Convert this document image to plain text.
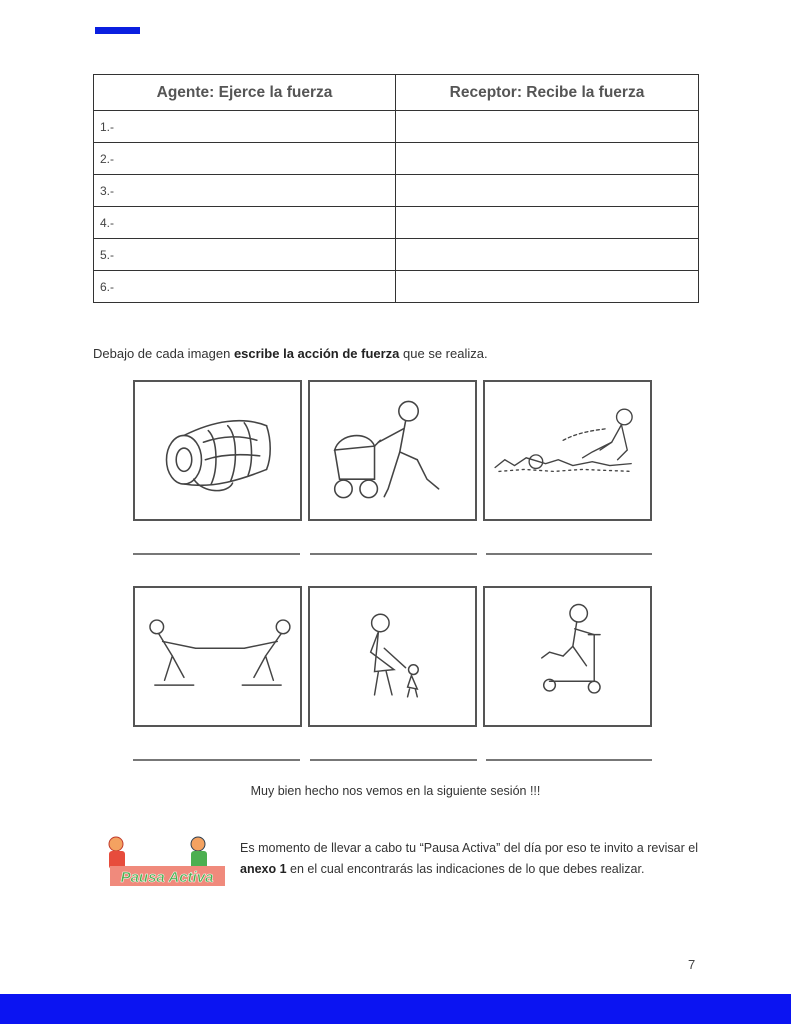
Agente: Ejerce la fuerza	Receptor: Recibe la fuerza
1.-	
2.-	
3.-	
4.-	
5.-	
6.-	

Debajo de cada imagen escribe la acción de fuerza que se realiza.

Muy bien hecho nos vemos en la siguiente sesión !!!

Pausa Activa

Es momento de llevar a cabo tu “Pausa Activa” del día por eso te invito a revisar el anexo 1 en el cual encontrarás las indicaciones de lo que debes realizar.

7
